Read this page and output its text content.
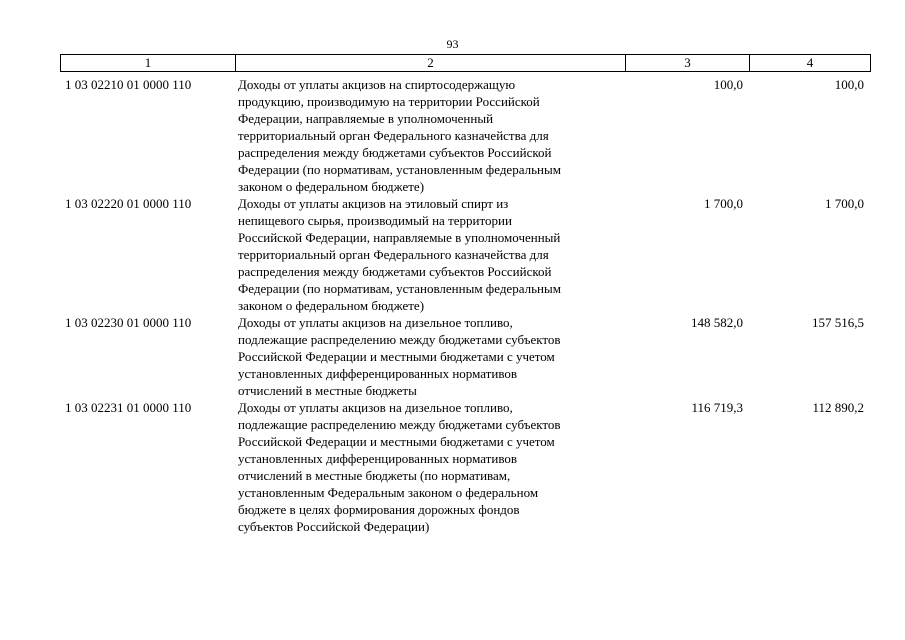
93
1	2	3	4
1 03 02210 01 0000 110	Доходы от уплаты акцизов на спиртосодержащую
продукцию, производимую на территории Российской
Федерации, направляемые в уполномоченный
территориальный орган Федерального казначейства для
распределения между бюджетами субъектов Российской
Федерации (по нормативам, установленным федеральным
законом о федеральном бюджете)
100,0	100,0
1 03 02220 01 0000 110	Доходы от уплаты акцизов на этиловый спирт из
непищевого сырья, производимый на территории
Российской Федерации, направляемые в уполномоченный
территориальный орган Федерального казначейства для
распределения между бюджетами субъектов Российской
Федерации (по нормативам, установленным федеральным
законом о федеральном бюджете)
1 700,0	1 700,0
1 03 02230 01 0000 110	Доходы от уплаты акцизов на дизельное топливо,
подлежащие распределению между бюджетами субъектов
Российской Федерации и местными бюджетами с учетом
установленных дифференцированных нормативов
отчислений в местные бюджеты
148 582,0	157 516,5
1 03 02231 01 0000 110	Доходы от уплаты акцизов на дизельное топливо,
подлежащие распределению между бюджетами субъектов
Российской Федерации и местными бюджетами с учетом
установленных дифференцированных нормативов
отчислений в местные бюджеты (по нормативам,
установленным Федеральным законом о федеральном
бюджете в целях формирования дорожных фондов
субъектов Российской Федерации)
116 719,3	112 890,2
